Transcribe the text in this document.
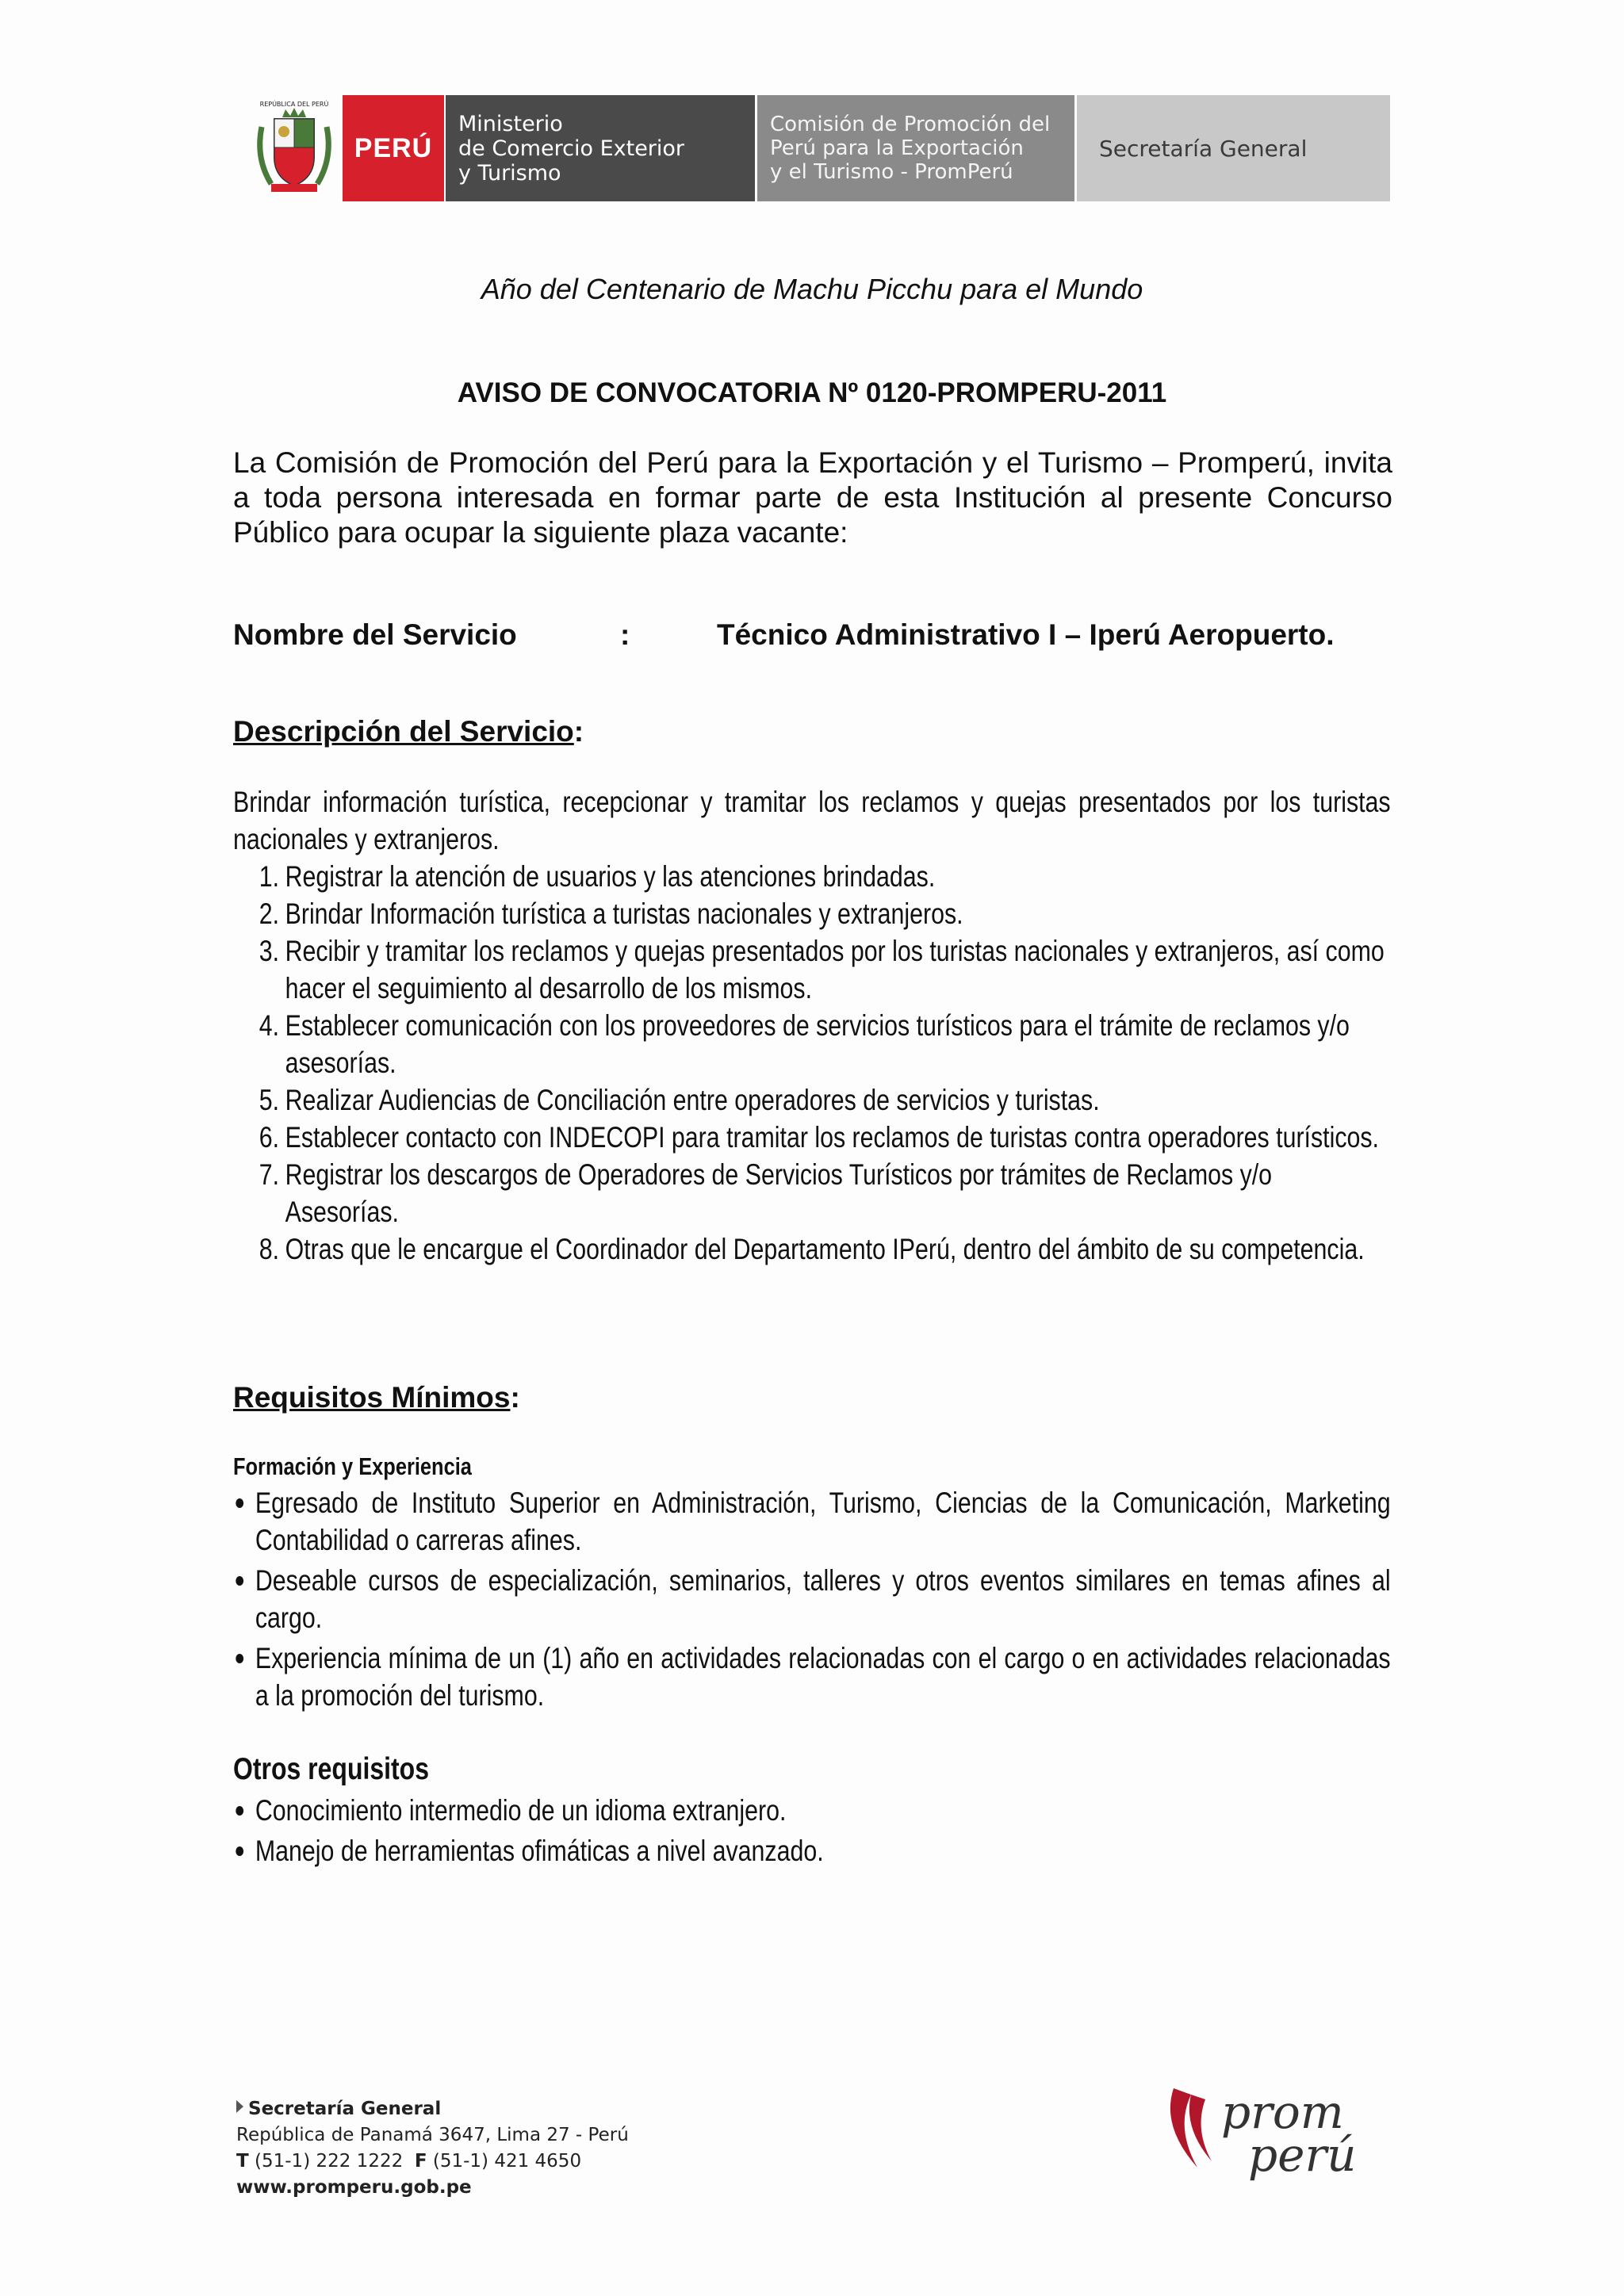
REPÚBLICA DEL PERÚ
PERÚ
Ministerio
de Comercio Exterior
y Turismo
Comisión de Promoción del
Perú para la Exportación
y el Turismo - PromPerú
Secretaría General
Año del Centenario de Machu Picchu para el Mundo
AVISO DE CONVOCATORIA Nº 0120-PROMPERU-2011
La Comisión de Promoción del Perú para la Exportación y el Turismo – Promperú, invita a toda persona interesada en formar parte de esta Institución al presente Concurso Público para ocupar la siguiente plaza vacante:
Nombre del Servicio	:	Técnico Administrativo I – Iperú Aeropuerto.
Descripción del Servicio:
Brindar información turística, recepcionar y tramitar los reclamos y quejas presentados por los turistas nacionales y extranjeros.
1. Registrar la atención de usuarios y las atenciones brindadas.
2. Brindar Información turística a turistas nacionales y extranjeros.
3. Recibir y tramitar los reclamos y quejas presentados por los turistas nacionales y extranjeros, así como hacer el seguimiento al desarrollo de los mismos.
4. Establecer comunicación con los proveedores de servicios turísticos para el trámite de reclamos y/o asesorías.
5. Realizar Audiencias de Conciliación entre operadores de servicios y turistas.
6. Establecer contacto con INDECOPI para tramitar los reclamos de turistas contra operadores turísticos.
7. Registrar los descargos de Operadores de Servicios Turísticos por trámites de Reclamos y/o Asesorías.
8. Otras que le encargue el Coordinador del Departamento IPerú, dentro del ámbito de su competencia.
Requisitos Mínimos:
Formación y Experiencia
Egresado de Instituto Superior en Administración, Turismo, Ciencias de la Comunicación, Marketing Contabilidad o carreras afines.
Deseable cursos de especialización, seminarios, talleres y otros eventos similares en temas afines al cargo.
Experiencia mínima de un (1) año en actividades relacionadas con el cargo o en actividades relacionadas a la promoción del turismo.
Otros requisitos
Conocimiento intermedio de un idioma extranjero.
Manejo de herramientas ofimáticas a nivel avanzado.
Secretaría General
República de Panamá 3647, Lima 27 - Perú
T (51-1) 222 1222 F (51-1) 421 4650
www.promperu.gob.pe
prom
perú
